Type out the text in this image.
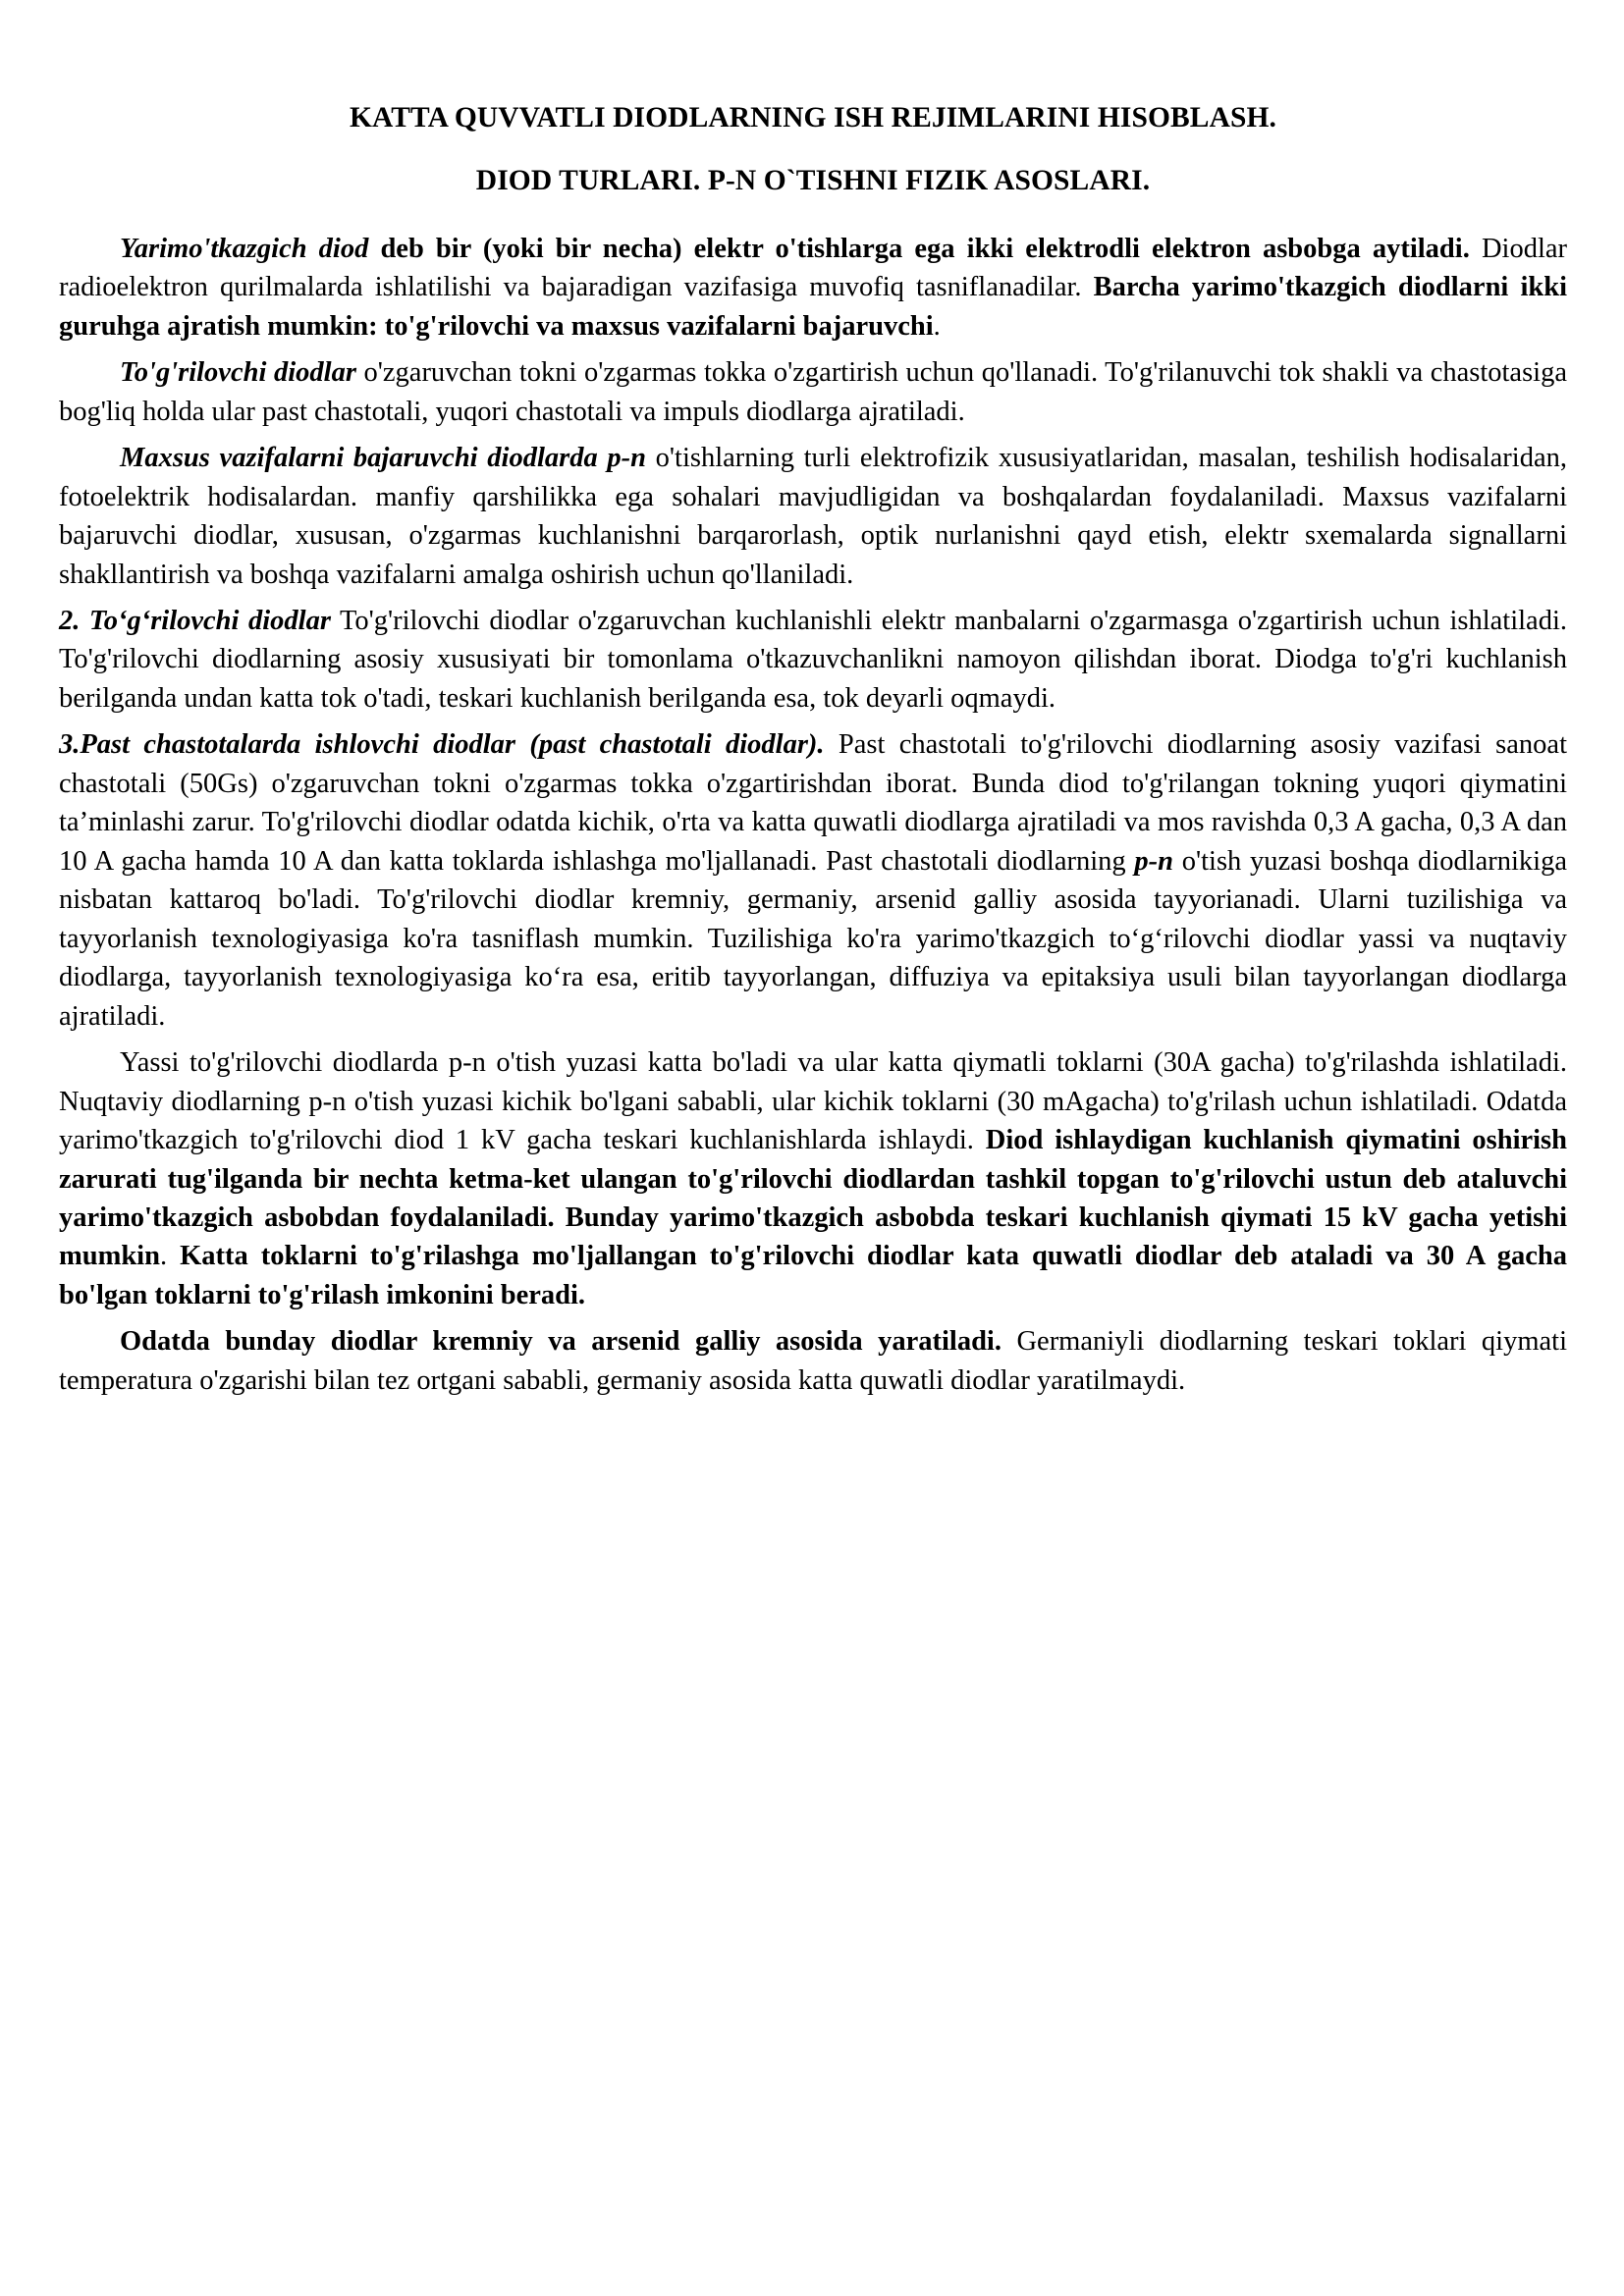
KATTA QUVVATLI DIODLARNING ISH REJIMLARINI HISOBLASH.
DIOD TURLARI. P-N O`TISHNI FIZIK ASOSLARI.

Yarimo'tkazgich diod deb bir (yoki bir necha) elektr o'tishlarga ega ikki elektrodli elektron asbobga aytiladi. Diodlar radioelektron qurilmalarda ishlatilishi va bajaradigan vazifasiga muvofiq tasniflanadilar. Barcha yarimo'tkazgich diodlarni ikki guruhga ajratish mumkin: to'g'rilovchi va maxsus vazifalarni bajaruvchi.

To'g'rilovchi diodlar o'zgaruvchan tokni o'zgarmas tokka o'zgartirish uchun qo'llanadi. To'g'rilanuvchi tok shakli va chastotasiga bog'liq holda ular past chastotali, yuqori chastotali va impuls diodlarga ajratiladi.

Maxsus vazifalarni bajaruvchi diodlarda p-n o'tishlarning turli elektrofizik xususiyatlaridan, masalan, teshilish hodisalaridan, fotoelektrik hodisalardan. manfiy qarshilikka ega sohalari mavjudligidan va boshqalardan foydalaniladi. Maxsus vazifalarni bajaruvchi diodlar, xususan, o'zgarmas kuchlanishni barqarorlash, optik nurlanishni qayd etish, elektr sxemalarda signallarni shakllantirish va boshqa vazifalarni amalga oshirish uchun qo'llaniladi.

2. To‘g‘rilovchi diodlar To'g'rilovchi diodlar o'zgaruvchan kuchlanishli elektr manbalarni o'zgarmasga o'zgartirish uchun ishlatiladi. To'g'rilovchi diodlarning asosiy xususiyati bir tomonlama o'tkazuvchanlikni namoyon qilishdan iborat. Diodga to'g'ri kuchlanish berilganda undan katta tok o'tadi, teskari kuchlanish berilganda esa, tok deyarli oqmaydi.

3.Past chastotalarda ishlovchi diodlar (past chastotali diodlar). Past chastotali to'g'rilovchi diodlarning asosiy vazifasi sanoat chastotali (50Gs) o'zgaruvchan tokni o'zgarmas tokka o'zgartirishdan iborat. Bunda diod to'g'rilangan tokning yuqori qiymatini ta’minlashi zarur. To'g'rilovchi diodlar odatda kichik, o'rta va katta quwatli diodlarga ajratiladi va mos ravishda 0,3 A gacha, 0,3 A dan 10 A gacha hamda 10 A dan katta toklarda ishlashga mo'ljallanadi. Past chastotali diodlarning p-n o'tish yuzasi boshqa diodlarnikiga nisbatan kattaroq bo'ladi. To'g'rilovchi diodlar kremniy, germaniy, arsenid galliy asosida tayyorianadi. Ularni tuzilishiga va tayyorlanish texnologiyasiga ko'ra tasniflash mumkin. Tuzilishiga ko'ra yarimo'tkazgich to‘g‘rilovchi diodlar yassi va nuqtaviy diodlarga, tayyorlanish texnologiyasiga ko‘ra esa, eritib tayyorlangan, diffuziya va epitaksiya usuli bilan tayyorlangan diodlarga ajratiladi.

Yassi to'g'rilovchi diodlarda p-n o'tish yuzasi katta bo'ladi va ular katta qiymatli toklarni (30A gacha) to'g'rilashda ishlatiladi. Nuqtaviy diodlarning p-n o'tish yuzasi kichik bo'lgani sababli, ular kichik toklarni (30 mAgacha) to'g'rilash uchun ishlatiladi. Odatda yarimo'tkazgich to'g'rilovchi diod 1 kV gacha teskari kuchlanishlarda ishlaydi. Diod ishlaydigan kuchlanish qiymatini oshirish zarurati tug'ilganda bir nechta ketma-ket ulangan to'g'rilovchi diodlardan tashkil topgan to'g'rilovchi ustun deb ataluvchi yarimo'tkazgich asbobdan foydalaniladi. Bunday yarimo'tkazgich asbobda teskari kuchlanish qiymati 15 kV gacha yetishi mumkin. Katta toklarni to'g'rilashga mo'ljallangan to'g'rilovchi diodlar kata quwatli diodlar deb ataladi va 30 A gacha bo'lgan toklarni to'g'rilash imkonini beradi.

Odatda bunday diodlar kremniy va arsenid galliy asosida yaratiladi. Germaniyli diodlarning teskari toklari qiymati temperatura o'zgarishi bilan tez ortgani sababli, germaniy asosida katta quwatli diodlar yaratilmaydi.
